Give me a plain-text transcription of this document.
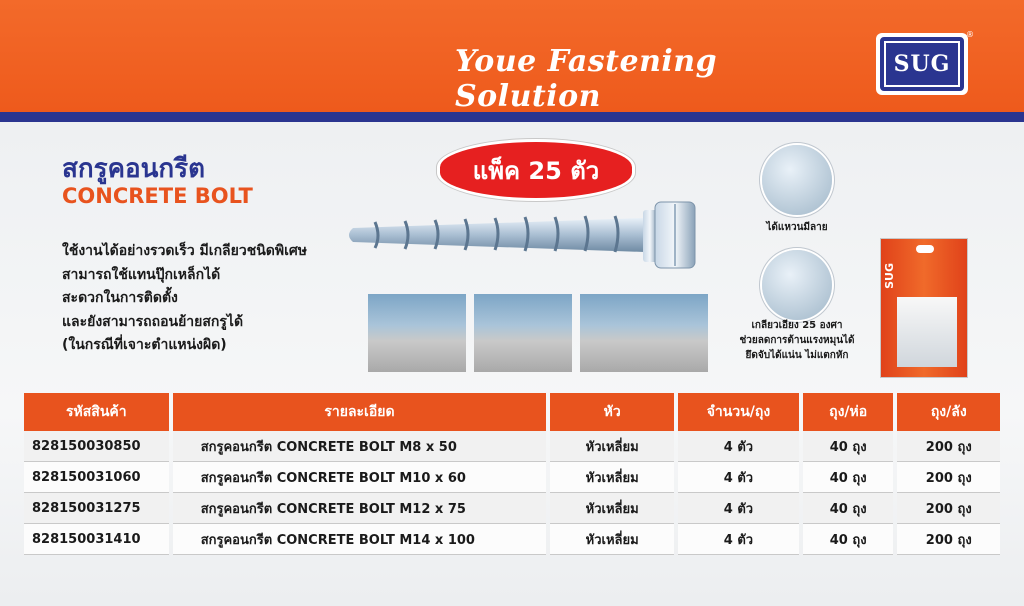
Youe Fastening Solution
SUG
®
สกรูคอนกรีต
CONCRETE BOLT
ใช้งานได้อย่างรวดเร็ว มีเกลียวชนิดพิเศษ
สามารถใช้แทนปุ๊กเหล็กได้
สะดวกในการติดตั้ง
และยังสามารถถอนย้ายสกรูได้
(ในกรณีที่เจาะตำแหน่งผิด)
แพ็ค 25 ตัว
ได้แหวนมีลาย
เกลียวเอียง 25 องศา
ช่วยลดการต้านแรงหมุนได้
ยึดจับได้แน่น ไม่แตกหัก
SUG
รหัสสินค้า	รายละเอียด	หัว	จำนวน/ถุง	ถุง/ห่อ	ถุง/ลัง
828150030850	สกรูคอนกรีต CONCRETE BOLT M8 x 50	หัวเหลี่ยม	4 ตัว	40 ถุง	200 ถุง
828150031060	สกรูคอนกรีต CONCRETE BOLT M10 x 60	หัวเหลี่ยม	4 ตัว	40 ถุง	200 ถุง
828150031275	สกรูคอนกรีต CONCRETE BOLT M12 x 75	หัวเหลี่ยม	4 ตัว	40 ถุง	200 ถุง
828150031410	สกรูคอนกรีต CONCRETE BOLT M14 x 100	หัวเหลี่ยม	4 ตัว	40 ถุง	200 ถุง
